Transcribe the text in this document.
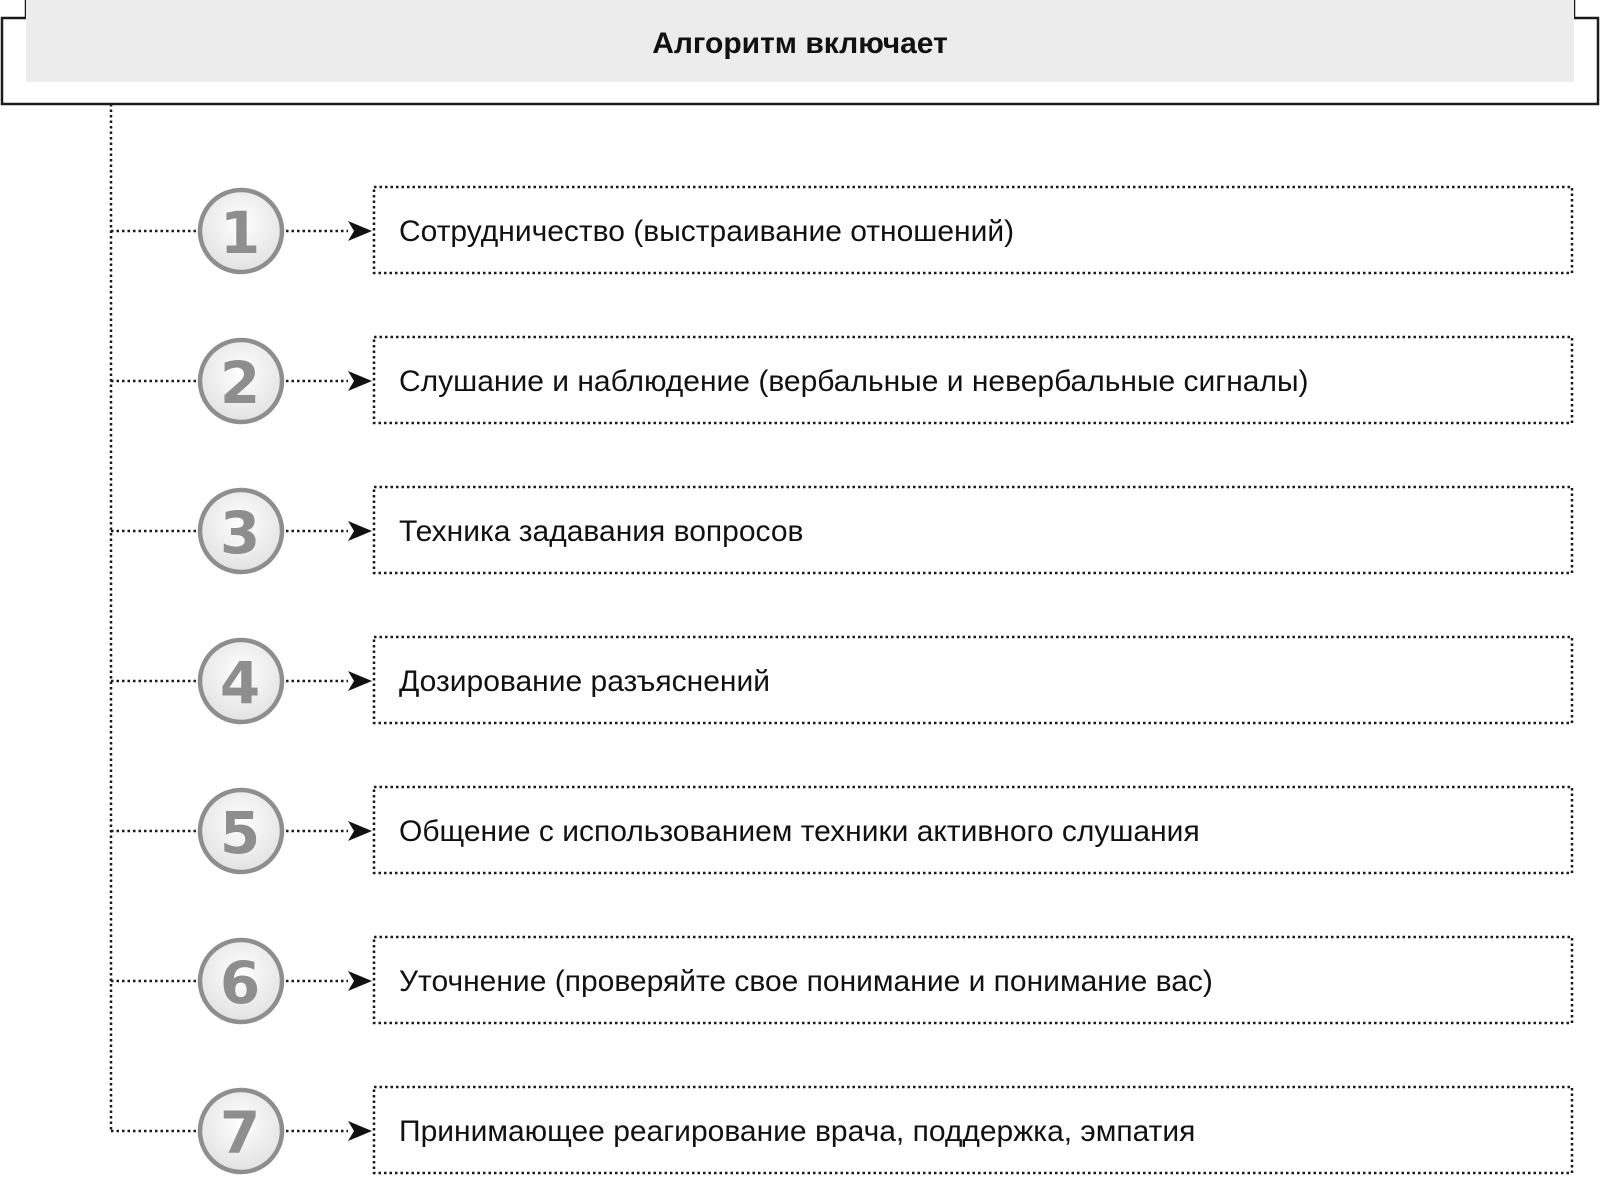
Алгоритм включает
1	Сотрудничество (выстраивание отношений)
2	Слушание и наблюдение (вербальные и невербальные сигналы)
3	Техника задавания вопросов
4	Дозирование разъяснений
5	Общение с использованием техники активного слушания
6	Уточнение (проверяйте свое понимание и понимание вас)
7	Принимающее реагирование врача, поддержка, эмпатия
